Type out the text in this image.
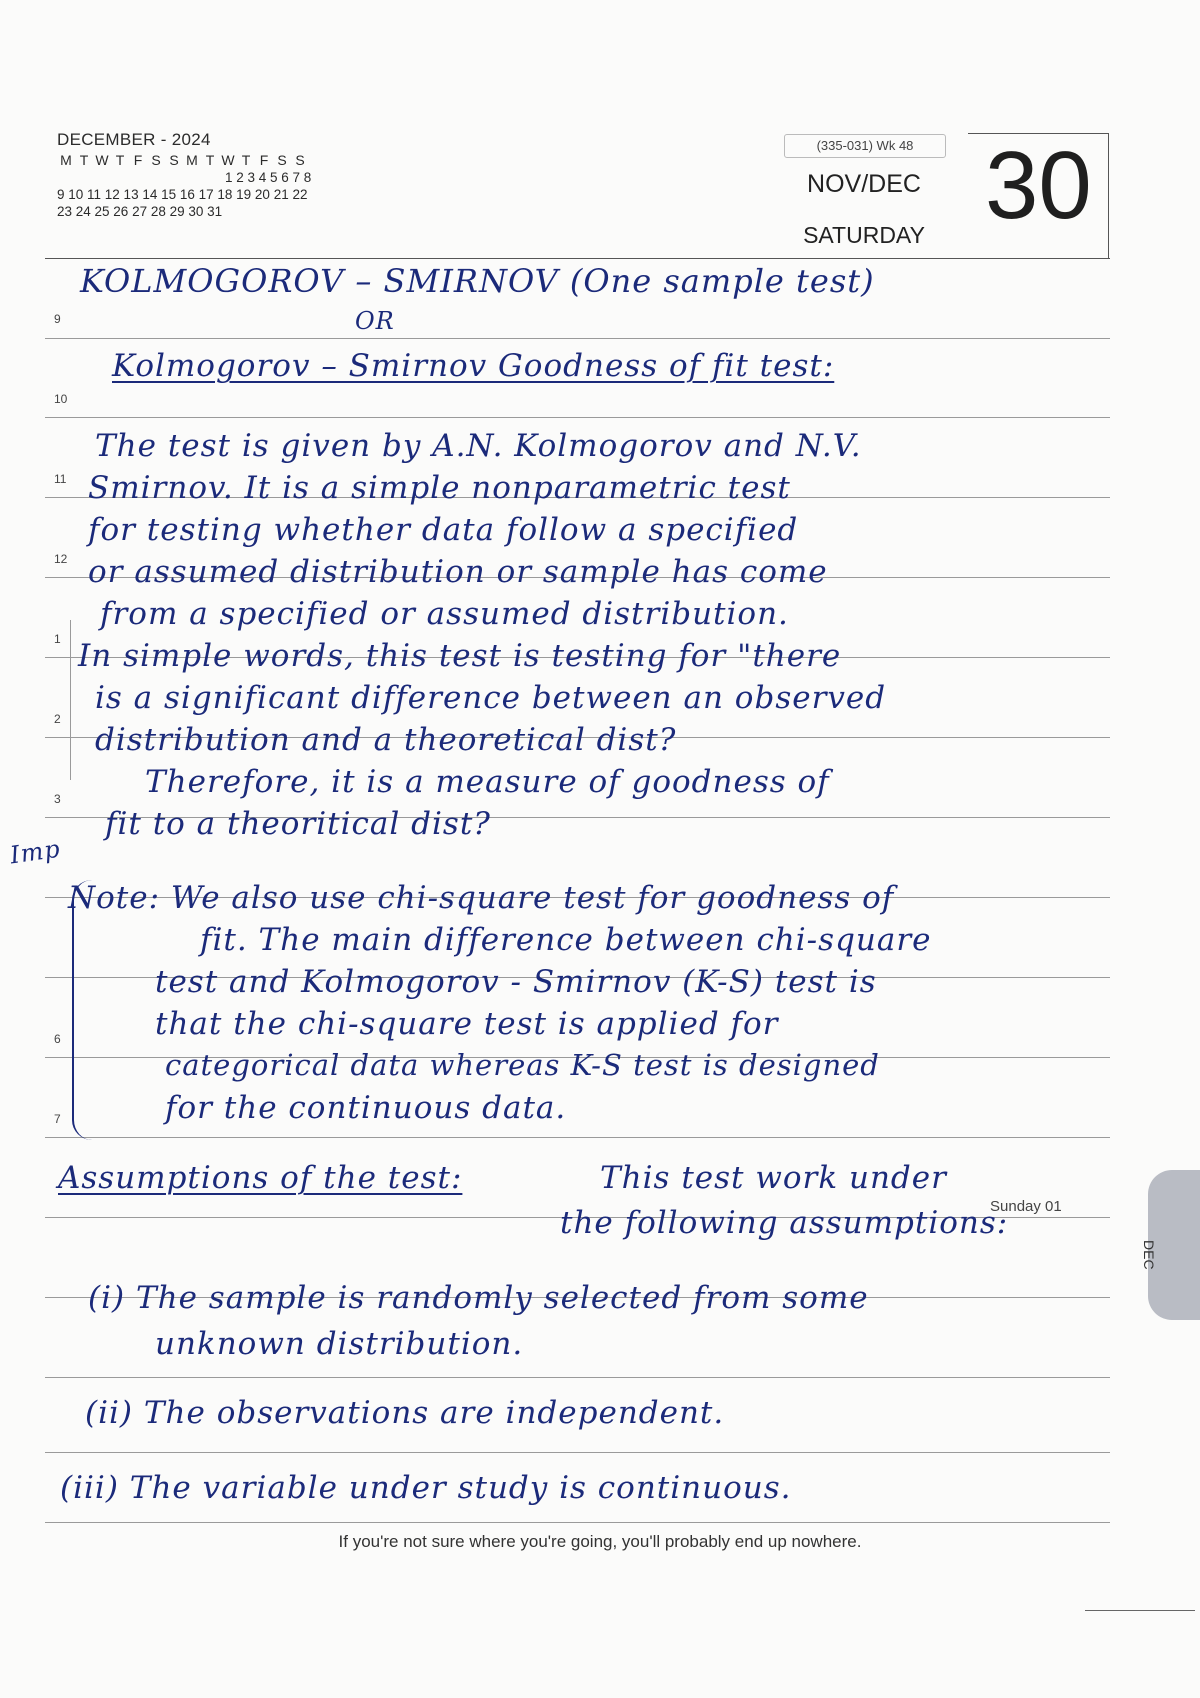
DECEMBER - 2024
M T W T F S S M T W T F S S
1 2 3 4 5 6 7 8
9 10 11 12 13 14 15 16 17 18 19 20 21 22
23 24 25 26 27 28 29 30 31
(335-031) Wk 48
NOV/DEC
SATURDAY 30
9
10
11
12
1
2
3
6
7
KOLMOGOROV – SMIRNOV (One sample test)
OR
Kolmogorov – Smirnov Goodness of fit test:
The test is given by A.N. Kolmogorov and N.V.
Smirnov. It is a simple nonparametric test
for testing whether data follow a specified
or assumed distribution or sample has come
from a specified or assumed distribution.
In simple words, this test is testing for "there
is a significant difference between an observed
distribution and a theoretical dist?
Therefore, it is a measure of goodness of
fit to a theoritical dist?
Imp
Note: We also use chi-square test for goodness of
fit. The main difference between chi-square
test and Kolmogorov - Smirnov (K-S) test is
that the chi-square test is applied for
categorical data whereas K-S test is designed
for the continuous data.
Assumptions of the test:	This test work under
the following assumptions:
(i) The sample is randomly selected from some
unknown distribution.
(ii) The observations are independent.
(iii) The variable under study is continuous.
Sunday 01
DEC
If you're not sure where you're going, you'll probably end up nowhere.
